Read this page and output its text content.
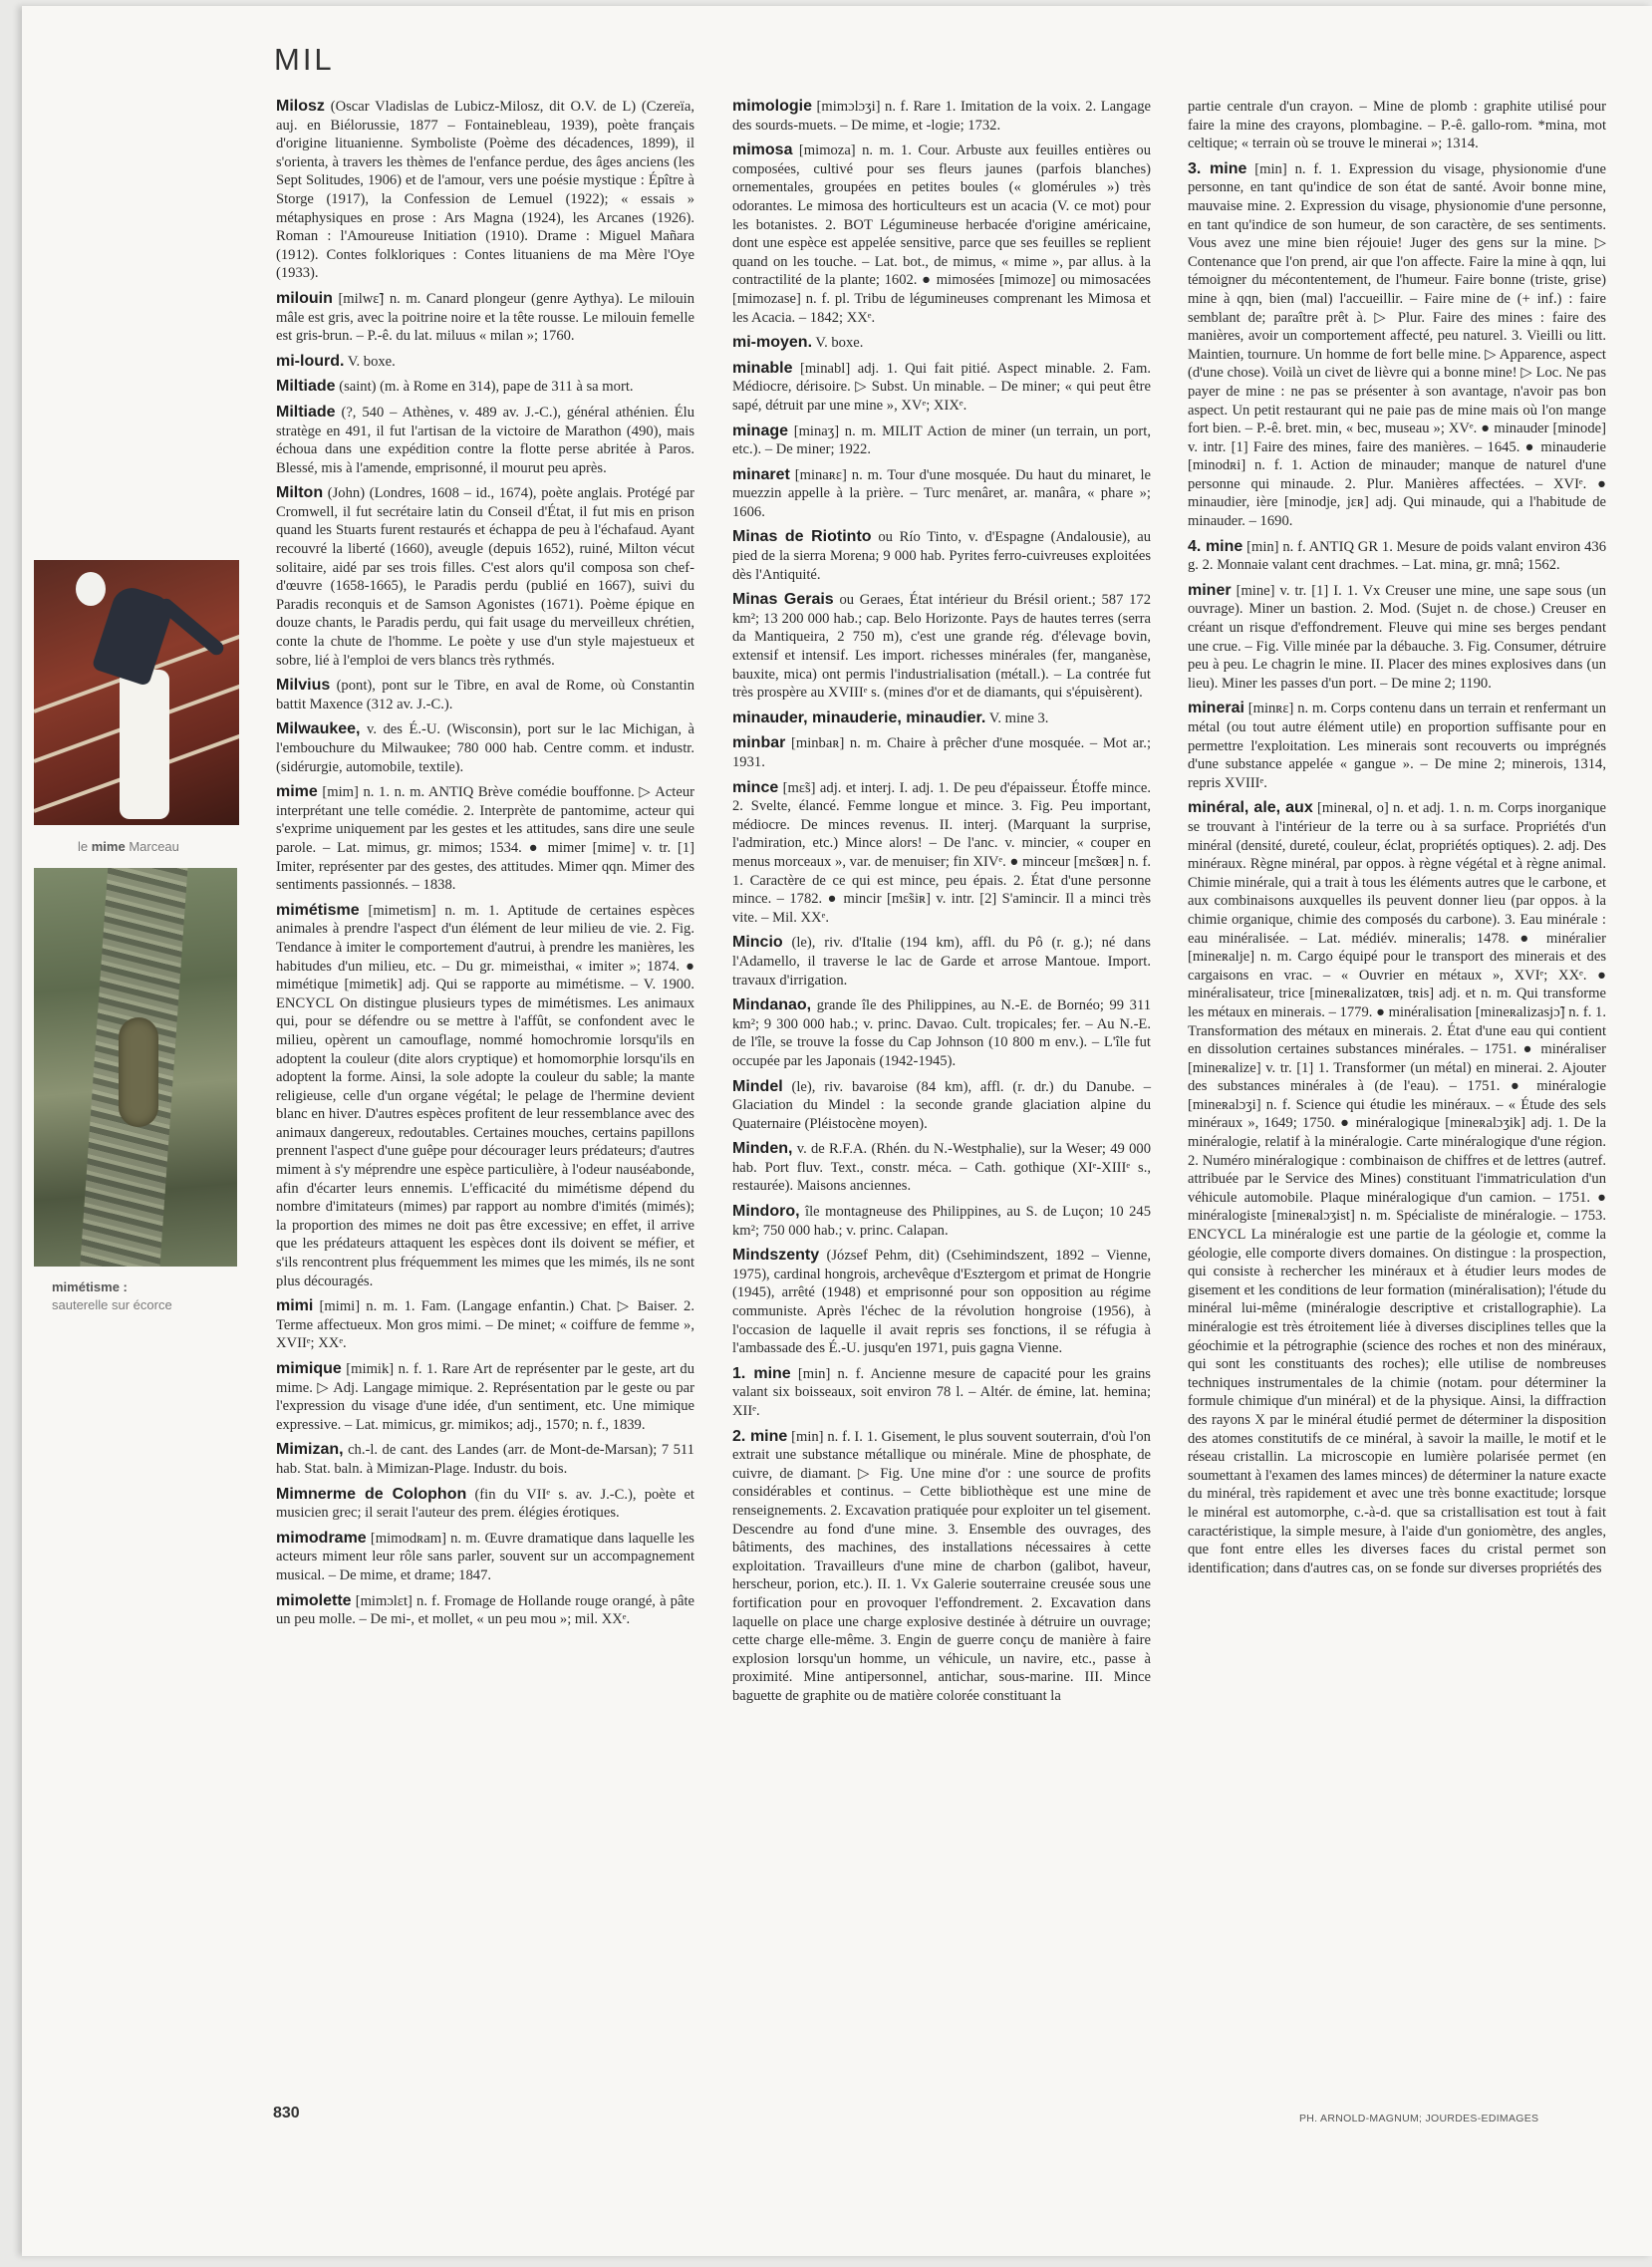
MIL
le mime Marceau
mimétisme :
sauterelle sur écorce

Milosz (Oscar Vladislas de Lubicz-Milosz, dit O.V. de L) (Czereïa, auj. en Biélorussie, 1877 – Fontainebleau, 1939), poète français d'origine lituanienne. Symboliste (Poème des décadences, 1899), il s'orienta, à travers les thèmes de l'enfance perdue, des âges anciens (les Sept Solitudes, 1906) et de l'amour, vers une poésie mystique : Épître à Storge (1917), la Confession de Lemuel (1922); « essais » métaphysiques en prose : Ars Magna (1924), les Arcanes (1926). Roman : l'Amoureuse Initiation (1910). Drame : Miguel Mañara (1912). Contes folkloriques : Contes lituaniens de ma Mère l'Oye (1933).

milouin [milwɛ̃] n. m. Canard plongeur (genre Aythya). Le milouin mâle est gris, avec la poitrine noire et la tête rousse. Le milouin femelle est gris-brun. – P.-ê. du lat. miluus « milan »; 1760.

mi-lourd. V. boxe.

Miltiade (saint) (m. à Rome en 314), pape de 311 à sa mort.

Miltiade (?, 540 – Athènes, v. 489 av. J.-C.), général athénien. Élu stratège en 491, il fut l'artisan de la victoire de Marathon (490), mais échoua dans une expédition contre la flotte perse abritée à Paros. Blessé, mis à l'amende, emprisonné, il mourut peu après.

Milton (John) (Londres, 1608 – id., 1674), poète anglais. Protégé par Cromwell, il fut secrétaire latin du Conseil d'État, il fut mis en prison quand les Stuarts furent restaurés et échappa de peu à l'échafaud. Ayant recouvré la liberté (1660), aveugle (depuis 1652), ruiné, Milton vécut solitaire, aidé par ses trois filles. C'est alors qu'il composa son chef-d'œuvre (1658-1665), le Paradis perdu (publié en 1667), suivi du Paradis reconquis et de Samson Agonistes (1671). Poème épique en douze chants, le Paradis perdu, qui fait usage du merveilleux chrétien, conte la chute de l'homme. Le poète y use d'un style majestueux et sobre, lié à l'emploi de vers blancs très rythmés.

Milvius (pont), pont sur le Tibre, en aval de Rome, où Constantin battit Maxence (312 av. J.-C.).

Milwaukee, v. des É.-U. (Wisconsin), port sur le lac Michigan, à l'embouchure du Milwaukee; 780 000 hab. Centre comm. et industr. (sidérurgie, automobile, textile).

mime [mim] n. 1. n. m. ANTIQ Brève comédie bouffonne. ▷ Acteur interprétant une telle comédie. 2. Interprète de pantomime, acteur qui s'exprime uniquement par les gestes et les attitudes, sans dire une seule parole. – Lat. mimus, gr. mimos; 1534. ● mimer [mime] v. tr. [1] Imiter, représenter par des gestes, des attitudes. Mimer qqn. Mimer des sentiments passionnés. – 1838.

mimétisme [mimetism] n. m. 1. Aptitude de certaines espèces animales à prendre l'aspect d'un élément de leur milieu de vie. 2. Fig. Tendance à imiter le comportement d'autrui, à prendre les manières, les habitudes d'un milieu, etc. – Du gr. mimeisthai, « imiter »; 1874. ● mimétique [mimetik] adj. Qui se rapporte au mimétisme. – V. 1900. ENCYCL On distingue plusieurs types de mimétismes. Les animaux qui, pour se défendre ou se mettre à l'affût, se confondent avec le milieu, opèrent un camouflage, nommé homochromie lorsqu'ils en adoptent la couleur (dite alors cryptique) et homomorphie lorsqu'ils en adoptent la forme. Ainsi, la sole adopte la couleur du sable; la mante religieuse, celle d'un organe végétal; le pelage de l'hermine devient blanc en hiver. D'autres espèces profitent de leur ressemblance avec des animaux dangereux, redoutables. Certaines mouches, certains papillons prennent l'aspect d'une guêpe pour décourager leurs prédateurs; d'autres miment à s'y méprendre une espèce particulière, à l'odeur nauséabonde, afin d'écarter leurs ennemis. L'efficacité du mimétisme dépend du nombre d'imitateurs (mimes) par rapport au nombre d'imités (mimés); la proportion des mimes ne doit pas être excessive; en effet, il arrive que les prédateurs attaquent les espèces dont ils doivent se méfier, et s'ils rencontrent plus fréquemment les mimes que les mimés, ils ne sont plus découragés.

mimi [mimi] n. m. 1. Fam. (Langage enfantin.) Chat. ▷ Baiser. 2. Terme affectueux. Mon gros mimi. – De minet; « coiffure de femme », XVIIᵉ; XXᵉ.

mimique [mimik] n. f. 1. Rare Art de représenter par le geste, art du mime. ▷ Adj. Langage mimique. 2. Représentation par le geste ou par l'expression du visage d'une idée, d'un sentiment, etc. Une mimique expressive. – Lat. mimicus, gr. mimikos; adj., 1570; n. f., 1839.

Mimizan, ch.-l. de cant. des Landes (arr. de Mont-de-Marsan); 7 511 hab. Stat. baln. à Mimizan-Plage. Industr. du bois.

Mimnerme de Colophon (fin du VIIᵉ s. av. J.-C.), poète et musicien grec; il serait l'auteur des prem. élégies érotiques.

mimodrame [mimodʀam] n. m. Œuvre dramatique dans laquelle les acteurs miment leur rôle sans parler, souvent sur un accompagnement musical. – De mime, et drame; 1847.

mimolette [mimɔlɛt] n. f. Fromage de Hollande rouge orangé, à pâte un peu molle. – De mi-, et mollet, « un peu mou »; mil. XXᵉ.

mimologie [mimɔlɔʒi] n. f. Rare 1. Imitation de la voix. 2. Langage des sourds-muets. – De mime, et -logie; 1732.

mimosa [mimoza] n. m. 1. Cour. Arbuste aux feuilles entières ou composées, cultivé pour ses fleurs jaunes (parfois blanches) ornementales, groupées en petites boules (« glomérules ») très odorantes. Le mimosa des horticulteurs est un acacia (V. ce mot) pour les botanistes. 2. BOT Légumineuse herbacée d'origine américaine, dont une espèce est appelée sensitive, parce que ses feuilles se replient quand on les touche. – Lat. bot., de mimus, « mime », par allus. à la contractilité de la plante; 1602. ● mimosées [mimoze] ou mimosacées [mimozase] n. f. pl. Tribu de légumineuses comprenant les Mimosa et les Acacia. – 1842; XXᵉ.

mi-moyen. V. boxe.

minable [minabl] adj. 1. Qui fait pitié. Aspect minable. 2. Fam. Médiocre, dérisoire. ▷ Subst. Un minable. – De miner; « qui peut être sapé, détruit par une mine », XVᵉ; XIXᵉ.

minage [minaʒ] n. m. MILIT Action de miner (un terrain, un port, etc.). – De miner; 1922.

minaret [minaʀɛ] n. m. Tour d'une mosquée. Du haut du minaret, le muezzin appelle à la prière. – Turc menâret, ar. manâra, « phare »; 1606.

Minas de Riotinto ou Río Tinto, v. d'Espagne (Andalousie), au pied de la sierra Morena; 9 000 hab. Pyrites ferro-cuivreuses exploitées dès l'Antiquité.

Minas Gerais ou Geraes, État intérieur du Brésil orient.; 587 172 km²; 13 200 000 hab.; cap. Belo Horizonte. Pays de hautes terres (serra da Mantiqueira, 2 750 m), c'est une grande rég. d'élevage bovin, extensif et intensif. Les import. richesses minérales (fer, manganèse, bauxite, mica) ont permis l'industrialisation (métall.). – La contrée fut très prospère au XVIIIᵉ s. (mines d'or et de diamants, qui s'épuisèrent).

minauder, minauderie, minaudier. V. mine 3.

minbar [minbaʀ] n. m. Chaire à prêcher d'une mosquée. – Mot ar.; 1931.

mince [mɛ̃s] adj. et interj. I. adj. 1. De peu d'épaisseur. Étoffe mince. 2. Svelte, élancé. Femme longue et mince. 3. Fig. Peu important, médiocre. De minces revenus. II. interj. (Marquant la surprise, l'admiration, etc.) Mince alors! – De l'anc. v. mincier, « couper en menus morceaux », var. de menuiser; fin XIVᵉ. ● minceur [mɛ̃sœʀ] n. f. 1. Caractère de ce qui est mince, peu épais. 2. État d'une personne mince. – 1782. ● mincir [mɛ̃siʀ] v. intr. [2] S'amincir. Il a minci très vite. – Mil. XXᵉ.

Mincio (le), riv. d'Italie (194 km), affl. du Pô (r. g.); né dans l'Adamello, il traverse le lac de Garde et arrose Mantoue. Import. travaux d'irrigation.

Mindanao, grande île des Philippines, au N.-E. de Bornéo; 99 311 km²; 9 300 000 hab.; v. princ. Davao. Cult. tropicales; fer. – Au N.-E. de l'île, se trouve la fosse du Cap Johnson (10 800 m env.). – L'île fut occupée par les Japonais (1942-1945).

Mindel (le), riv. bavaroise (84 km), affl. (r. dr.) du Danube. – Glaciation du Mindel : la seconde grande glaciation alpine du Quaternaire (Pléistocène moyen).

Minden, v. de R.F.A. (Rhén. du N.-Westphalie), sur la Weser; 49 000 hab. Port fluv. Text., constr. méca. – Cath. gothique (XIᵉ-XIIIᵉ s., restaurée). Maisons anciennes.

Mindoro, île montagneuse des Philippines, au S. de Luçon; 10 245 km²; 750 000 hab.; v. princ. Calapan.

Mindszenty (József Pehm, dit) (Csehimindszent, 1892 – Vienne, 1975), cardinal hongrois, archevêque d'Esztergom et primat de Hongrie (1945), arrêté (1948) et emprisonné pour son opposition au régime communiste. Après l'échec de la révolution hongroise (1956), à l'occasion de laquelle il avait repris ses fonctions, il se réfugia à l'ambassade des É.-U. jusqu'en 1971, puis gagna Vienne.

1. mine [min] n. f. Ancienne mesure de capacité pour les grains valant six boisseaux, soit environ 78 l. – Altér. de émine, lat. hemina; XIIᵉ.

2. mine [min] n. f. I. 1. Gisement, le plus souvent souterrain, d'où l'on extrait une substance métallique ou minérale. Mine de phosphate, de cuivre, de diamant. ▷ Fig. Une mine d'or : une source de profits considérables et continus. – Cette bibliothèque est une mine de renseignements. 2. Excavation pratiquée pour exploiter un tel gisement. Descendre au fond d'une mine. 3. Ensemble des ouvrages, des bâtiments, des machines, des installations nécessaires à cette exploitation. Travailleurs d'une mine de charbon (galibot, haveur, herscheur, porion, etc.). II. 1. Vx Galerie souterraine creusée sous une fortification pour en provoquer l'effondrement. 2. Excavation dans laquelle on place une charge explosive destinée à détruire un ouvrage; cette charge elle-même. 3. Engin de guerre conçu de manière à faire explosion lorsqu'un homme, un véhicule, un navire, etc., passe à proximité. Mine antipersonnel, antichar, sous-marine. III. Mince baguette de graphite ou de matière colorée constituant la

partie centrale d'un crayon. – Mine de plomb : graphite utilisé pour faire la mine des crayons, plombagine. – P.-ê. gallo-rom. *mina, mot celtique; « terrain où se trouve le minerai »; 1314.

3. mine [min] n. f. 1. Expression du visage, physionomie d'une personne, en tant qu'indice de son état de santé. Avoir bonne mine, mauvaise mine. 2. Expression du visage, physionomie d'une personne, en tant qu'indice de son humeur, de son caractère, de ses sentiments. Vous avez une mine bien réjouie! Juger des gens sur la mine. ▷ Contenance que l'on prend, air que l'on affecte. Faire la mine à qqn, lui témoigner du mécontentement, de l'humeur. Faire bonne (triste, grise) mine à qqn, bien (mal) l'accueillir. – Faire mine de (+ inf.) : faire semblant de; paraître prêt à. ▷ Plur. Faire des mines : faire des manières, avoir un comportement affecté, peu naturel. 3. Vieilli ou litt. Maintien, tournure. Un homme de fort belle mine. ▷ Apparence, aspect (d'une chose). Voilà un civet de lièvre qui a bonne mine! ▷ Loc. Ne pas payer de mine : ne pas se présenter à son avantage, n'avoir pas bon aspect. Un petit restaurant qui ne paie pas de mine mais où l'on mange fort bien. – P.-ê. bret. min, « bec, museau »; XVᵉ. ● minauder [minode] v. intr. [1] Faire des mines, faire des manières. – 1645. ● minauderie [minodʀi] n. f. 1. Action de minauder; manque de naturel d'une personne qui minaude. 2. Plur. Manières affectées. – XVIᵉ. ● minaudier, ière [minodje, jɛʀ] adj. Qui minaude, qui a l'habitude de minauder. – 1690.

4. mine [min] n. f. ANTIQ GR 1. Mesure de poids valant environ 436 g. 2. Monnaie valant cent drachmes. – Lat. mina, gr. mnâ; 1562.

miner [mine] v. tr. [1] I. 1. Vx Creuser une mine, une sape sous (un ouvrage). Miner un bastion. 2. Mod. (Sujet n. de chose.) Creuser en créant un risque d'effondrement. Fleuve qui mine ses berges pendant une crue. – Fig. Ville minée par la débauche. 3. Fig. Consumer, détruire peu à peu. Le chagrin le mine. II. Placer des mines explosives dans (un lieu). Miner les passes d'un port. – De mine 2; 1190.

minerai [minʀɛ] n. m. Corps contenu dans un terrain et renfermant un métal (ou tout autre élément utile) en proportion suffisante pour en permettre l'exploitation. Les minerais sont recouverts ou imprégnés d'une substance appelée « gangue ». – De mine 2; minerois, 1314, repris XVIIIᵉ.

minéral, ale, aux [mineʀal, o] n. et adj. 1. n. m. Corps inorganique se trouvant à l'intérieur de la terre ou à sa surface. Propriétés d'un minéral (densité, dureté, couleur, éclat, propriétés optiques). 2. adj. Des minéraux. Règne minéral, par oppos. à règne végétal et à règne animal. Chimie minérale, qui a trait à tous les éléments autres que le carbone, et aux combinaisons auxquelles ils peuvent donner lieu (par oppos. à la chimie organique, chimie des composés du carbone). 3. Eau minérale : eau minéralisée. – Lat. médiév. mineralis; 1478. ● minéralier [mineʀalje] n. m. Cargo équipé pour le transport des minerais et des cargaisons en vrac. – « Ouvrier en métaux », XVIᵉ; XXᵉ. ● minéralisateur, trice [mineʀalizatœʀ, tʀis] adj. et n. m. Qui transforme les métaux en minerais. – 1779. ● minéralisation [mineʀalizasjɔ̃] n. f. 1. Transformation des métaux en minerais. 2. État d'une eau qui contient en dissolution certaines substances minérales. – 1751. ● minéraliser [mineʀalize] v. tr. [1] 1. Transformer (un métal) en minerai. 2. Ajouter des substances minérales à (de l'eau). – 1751. ● minéralogie [mineʀalɔʒi] n. f. Science qui étudie les minéraux. – « Étude des sels minéraux », 1649; 1750. ● minéralogique [mineʀalɔʒik] adj. 1. De la minéralogie, relatif à la minéralogie. Carte minéralogique d'une région. 2. Numéro minéralogique : combinaison de chiffres et de lettres (autref. attribuée par le Service des Mines) constituant l'immatriculation d'un véhicule automobile. Plaque minéralogique d'un camion. – 1751. ● minéralogiste [mineʀalɔʒist] n. m. Spécialiste de minéralogie. – 1753. ENCYCL La minéralogie est une partie de la géologie et, comme la géologie, elle comporte divers domaines. On distingue : la prospection, qui consiste à rechercher les minéraux et à étudier leurs modes de gisement et les conditions de leur formation (minéralisation); l'étude du minéral lui-même (minéralogie descriptive et cristallographie). La minéralogie est très étroitement liée à diverses disciplines telles que la géochimie et la pétrographie (science des roches et non des minéraux, qui sont les constituants des roches); elle utilise de nombreuses techniques instrumentales de la chimie (notam. pour déterminer la formule chimique d'un minéral) et de la physique. Ainsi, la diffraction des rayons X par le minéral étudié permet de déterminer la disposition des atomes constitutifs de ce minéral, à savoir la maille, le motif et le réseau cristallin. La microscopie en lumière polarisée permet (en soumettant à l'examen des lames minces) de déterminer la nature exacte du minéral, très rapidement et avec une très bonne exactitude; lorsque le minéral est automorphe, c.-à-d. que sa cristallisation est tout à fait caractéristique, la simple mesure, à l'aide d'un goniomètre, des angles, que font entre elles les diverses faces du cristal permet son identification; dans d'autres cas, on se fonde sur diverses propriétés des

830	PH. ARNOLD-MAGNUM; JOURDES-EDIMAGES
